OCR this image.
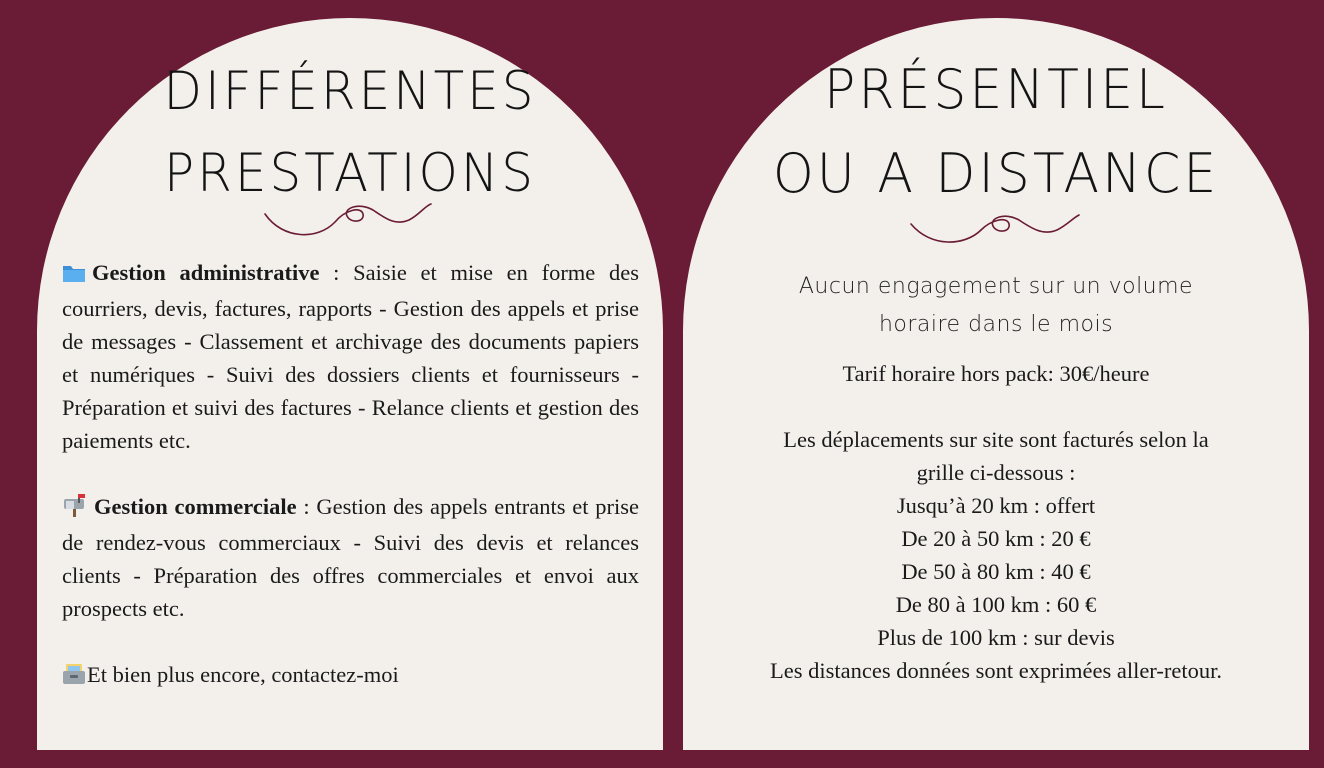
DIFFÉRENTES
PRESTATIONS

Gestion administrative : Saisie et mise en forme des courriers, devis, factures, rapports - Gestion des appels et prise de messages - Classement et archivage des documents papiers et numériques - Suivi des dossiers clients et fournisseurs - Préparation et suivi des factures - Relance clients et gestion des paiements etc.

Gestion commerciale : Gestion des appels entrants et prise de rendez-vous commerciaux - Suivi des devis et relances clients - Préparation des offres commerciales et envoi aux prospects etc.

Et bien plus encore, contactez-moi

PRÉSENTIEL
OU A DISTANCE

Aucun engagement sur un volume

horaire dans le mois

Tarif horaire hors pack: 30€/heure

Les déplacements sur site sont facturés selon la

grille ci-dessous :

Jusqu’à 20 km : offert

De 20 à 50 km : 20 €

De 50 à 80 km : 40 €

De 80 à 100 km : 60 €

Plus de 100 km : sur devis

Les distances données sont exprimées aller-retour.
